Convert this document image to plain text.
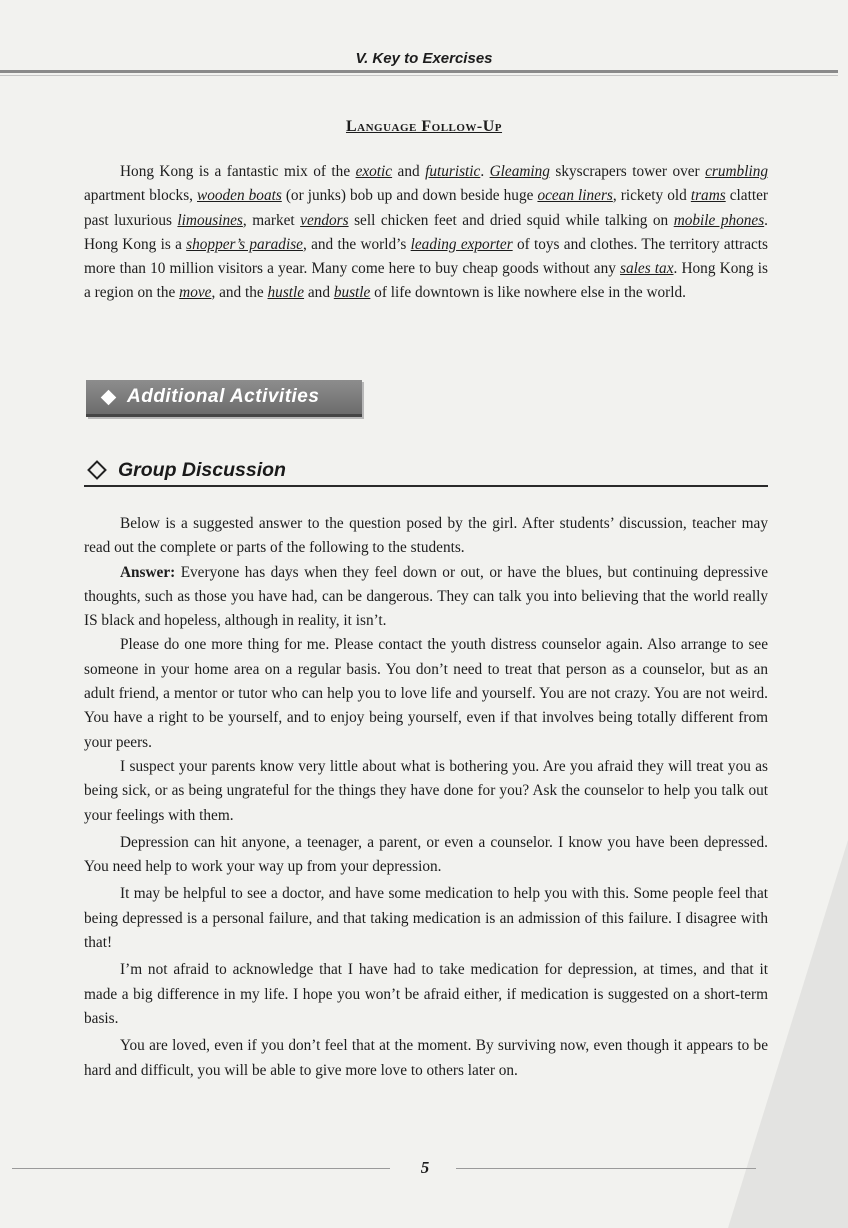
V. Key to Exercises
Language Follow-Up

Hong Kong is a fantastic mix of the exotic and futuristic. Gleaming skyscrapers tower over crumbling apartment blocks, wooden boats (or junks) bob up and down beside huge ocean liners, rickety old trams clatter past luxurious limousines, market vendors sell chicken feet and dried squid while talking on mobile phones. Hong Kong is a shopper’s paradise, and the world’s leading exporter of toys and clothes. The territory attracts more than 10 million visitors a year. Many come here to buy cheap goods without any sales tax. Hong Kong is a region on the move, and the hustle and bustle of life downtown is like nowhere else in the world.

Additional Activities
Group Discussion

Below is a suggested answer to the question posed by the girl. After students’ discussion, teacher may read out the complete or parts of the following to the students.

Answer: Everyone has days when they feel down or out, or have the blues, but continuing depressive thoughts, such as those you have had, can be dangerous. They can talk you into believing that the world really IS black and hopeless, although in reality, it isn’t.

Please do one more thing for me. Please contact the youth distress counselor again. Also arrange to see someone in your home area on a regular basis. You don’t need to treat that person as a counselor, but as an adult friend, a mentor or tutor who can help you to love life and yourself. You are not crazy. You are not weird. You have a right to be yourself, and to enjoy being yourself, even if that involves being totally different from your peers.

I suspect your parents know very little about what is bothering you. Are you afraid they will treat you as being sick, or as being ungrateful for the things they have done for you? Ask the counselor to help you talk out your feelings with them.

Depression can hit anyone, a teenager, a parent, or even a counselor. I know you have been depressed. You need help to work your way up from your depression.

It may be helpful to see a doctor, and have some medication to help you with this. Some people feel that being depressed is a personal failure, and that taking medication is an admission of this failure. I disagree with that!

I’m not afraid to acknowledge that I have had to take medication for depression, at times, and that it made a big difference in my life. I hope you won’t be afraid either, if medication is suggested on a short-term basis.

You are loved, even if you don’t feel that at the moment. By surviving now, even though it appears to be hard and difficult, you will be able to give more love to others later on.

5
